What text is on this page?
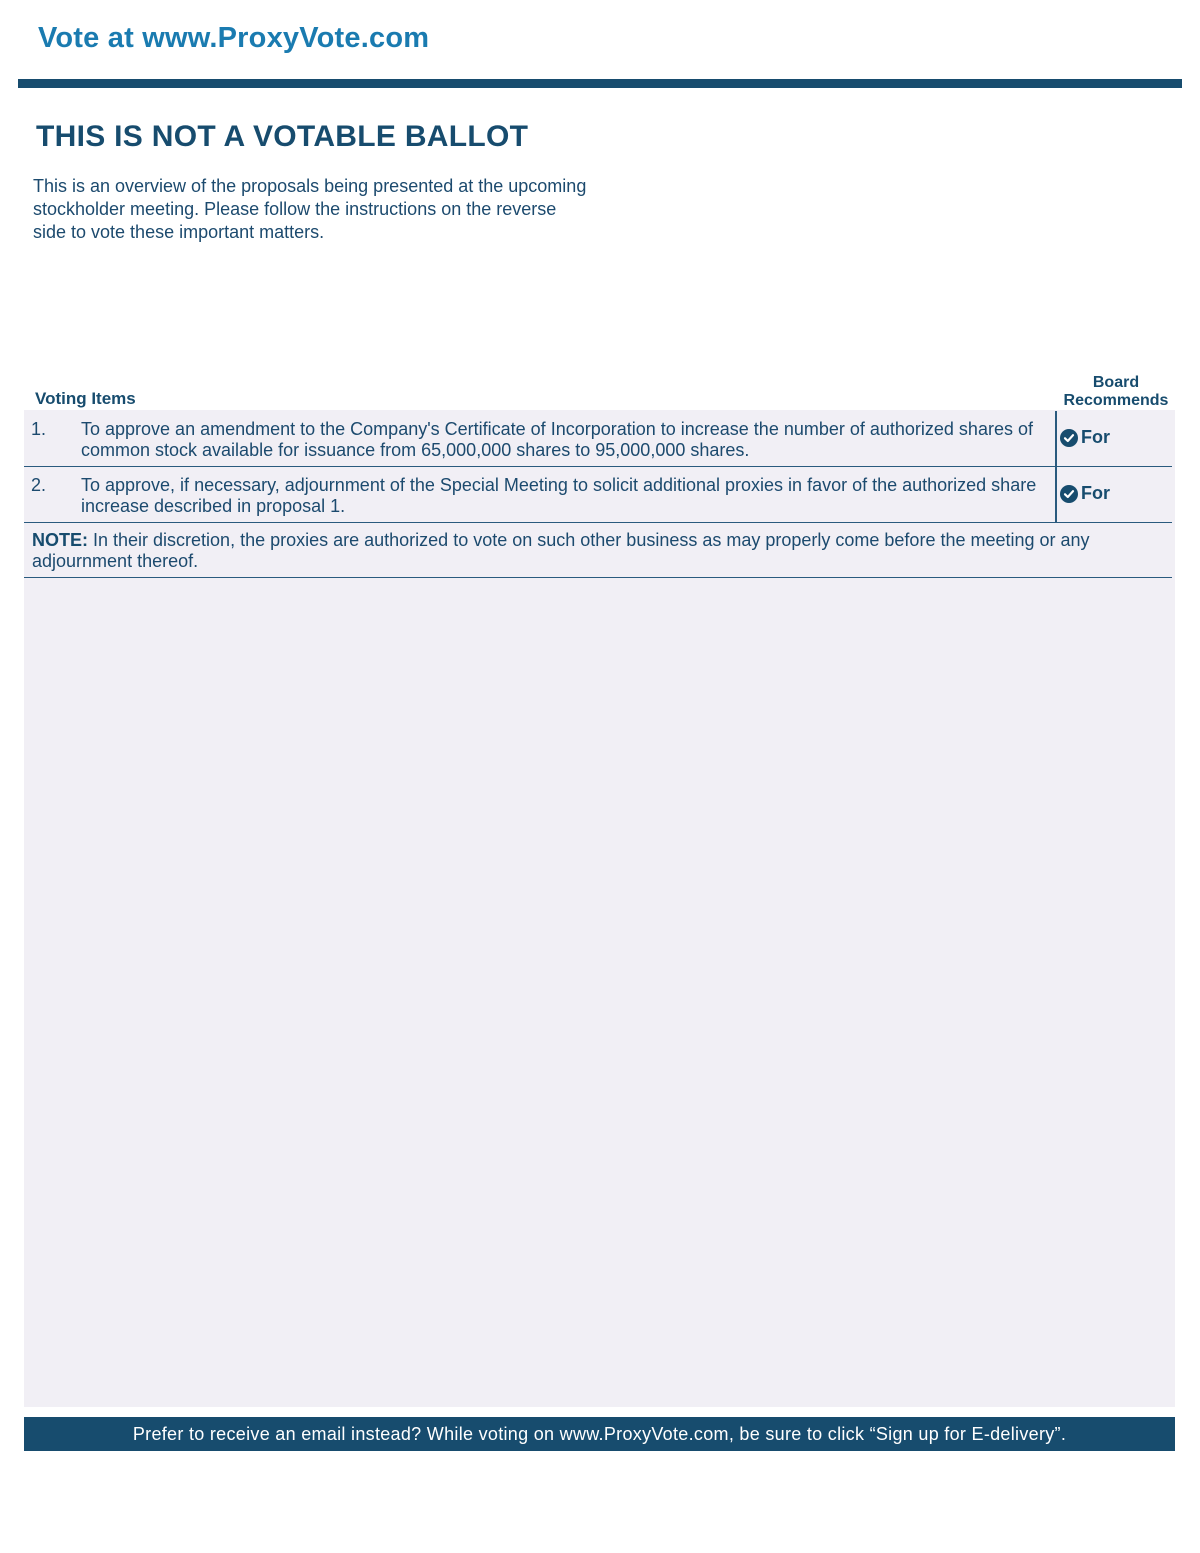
Vote at www.ProxyVote.com
THIS IS NOT A VOTABLE BALLOT

This is an overview of the proposals being presented at the upcoming stockholder meeting. Please follow the instructions on the reverse side to vote these important matters.

Voting Items
Board Recommends
1. To approve an amendment to the Company's Certificate of Incorporation to increase the number of authorized shares of common stock available for issuance from 65,000,000 shares to 95,000,000 shares.
For
2. To approve, if necessary, adjournment of the Special Meeting to solicit additional proxies in favor of the authorized share increase described in proposal 1.
For

NOTE: In their discretion, the proxies are authorized to vote on such other business as may properly come before the meeting or any adjournment thereof.

Prefer to receive an email instead? While voting on www.ProxyVote.com, be sure to click “Sign up for E-delivery”.
